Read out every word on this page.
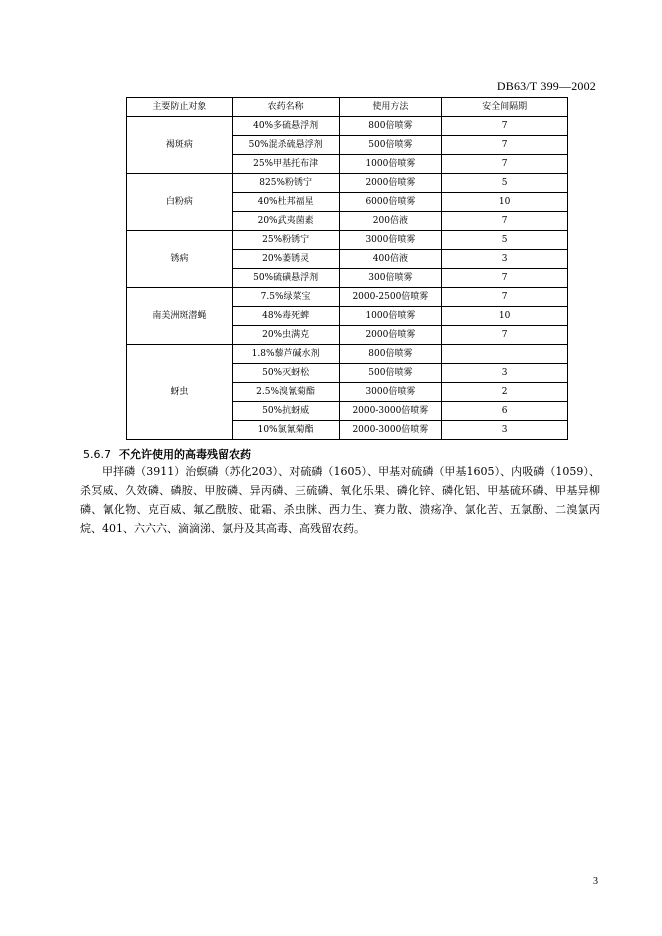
DB63/T 399—2002
主要防止对象	农药名称	使用方法	安全间隔期
褐斑病	40%多硫悬浮剂	800倍喷雾	7
	50%混杀硫悬浮剂	500倍喷雾	7
	25%甲基托布津	1000倍喷雾	7
白粉病	825%粉锈宁	2000倍喷雾	5
	40%杜邦福星	6000倍喷雾	10
	20%武夷菌素	200倍液	7
锈病	25%粉锈宁	3000倍喷雾	5
	20%萎锈灵	400倍液	3
	50%硫磺悬浮剂	300倍喷雾	7
南美洲斑潜蝇	7.5%绿菜宝	2000-2500倍喷雾	7
	48%毒死蜱	1000倍喷雾	10
	20%虫满克	2000倍喷雾	7
蚜虫	1.8%藜芦碱水剂	800倍喷雾	
	50%灭蚜松	500倍喷雾	3
	2.5%溴氰菊酯	3000倍喷雾	2
	50%抗蚜威	2000-3000倍喷雾	6
	10%氯氰菊酯	2000-3000倍喷雾	3
5.6.7 不允许使用的高毒残留农药

甲拌磷（3911）治螟磷（苏化203）、对硫磷（1605）、甲基对硫磷（甲基1605）、内吸磷（1059）、杀冥威、久效磷、磷胺、甲胺磷、异丙磷、三硫磷、氧化乐果、磷化锌、磷化铝、甲基硫环磷、甲基异柳磷、氰化物、克百威、氟乙酰胺、砒霜、杀虫脒、西力生、赛力散、溃疡净、氯化苦、五氯酚、二溴氯丙烷、401、六六六、滴滴涕、氯丹及其高毒、高残留农药。

3
